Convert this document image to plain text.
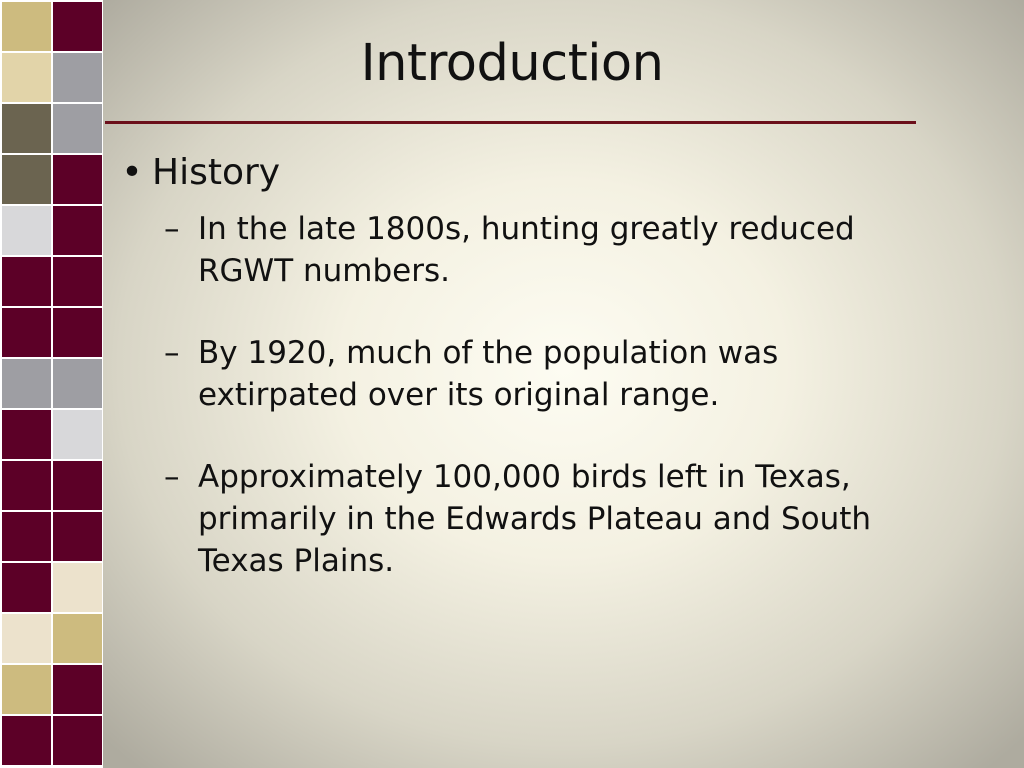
Introduction
• History
– In the late 1800s, hunting greatly reduced RGWT numbers.
– By 1920, much of the population was extirpated over its original range.
– Approximately 100,000 birds left in Texas, primarily in the Edwards Plateau and South Texas Plains.
